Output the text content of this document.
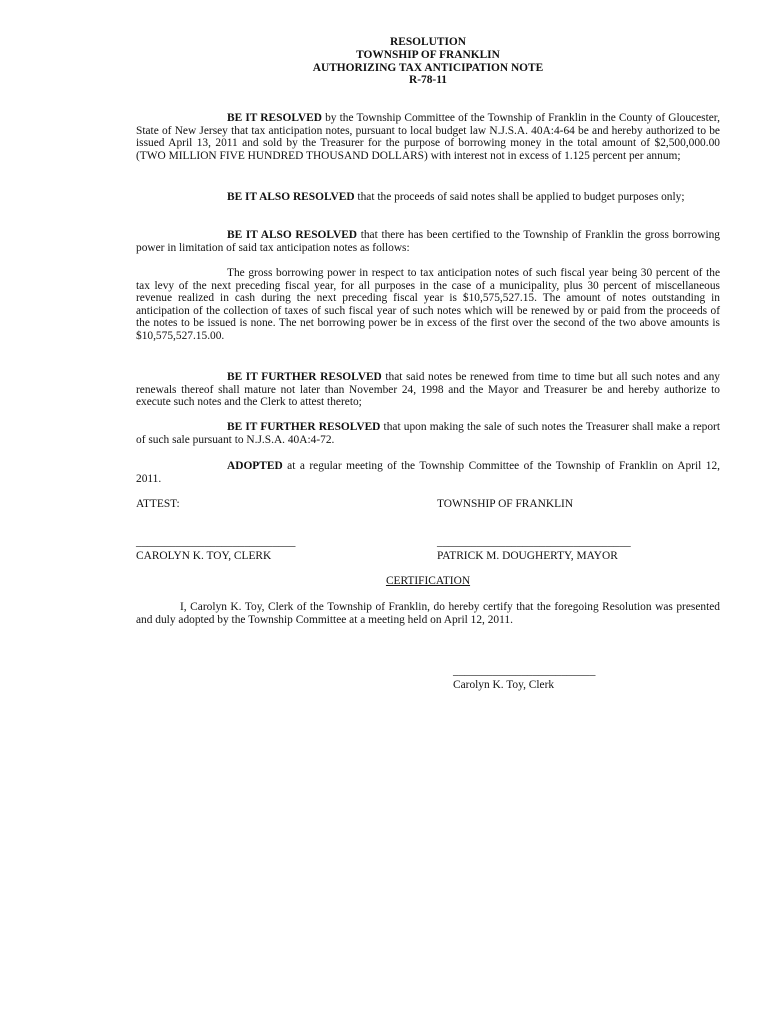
RESOLUTION
TOWNSHIP OF FRANKLIN
AUTHORIZING TAX ANTICIPATION NOTE
R-78-11

BE IT RESOLVED by the Township Committee of the Township of Franklin in the County of Gloucester, State of New Jersey that tax anticipation notes, pursuant to local budget law N.J.S.A. 40A:4-64 be and hereby authorized to be issued April 13, 2011 and sold by the Treasurer for the purpose of borrowing money in the total amount of $2,500,000.00 (TWO MILLION FIVE HUNDRED THOUSAND DOLLARS) with interest not in excess of 1.125 percent per annum;

BE IT ALSO RESOLVED that the proceeds of said notes shall be applied to budget purposes only;

BE IT ALSO RESOLVED that there has been certified to the Township of Franklin the gross borrowing power in limitation of said tax anticipation notes as follows:

The gross borrowing power in respect to tax anticipation notes of such fiscal year being 30 percent of the tax levy of the next preceding fiscal year, for all purposes in the case of a municipality, plus 30 percent of miscellaneous revenue realized in cash during the next preceding fiscal year is $10,575,527.15. The amount of notes outstanding in anticipation of the collection of taxes of such fiscal year of such notes which will be renewed by or paid from the proceeds of the notes to be issued is none. The net borrowing power be in excess of the first over the second of the two above amounts is $10,575,527.15.00.

BE IT FURTHER RESOLVED that said notes be renewed from time to time but all such notes and any renewals thereof shall mature not later than November 24, 1998 and the Mayor and Treasurer be and hereby authorize to execute such notes and the Clerk to attest thereto;

BE IT FURTHER RESOLVED that upon making the sale of such notes the Treasurer shall make a report of such sale pursuant to N.J.S.A. 40A:4-72.

ADOPTED at a regular meeting of the Township Committee of the Township of Franklin on April 12, 2011.

ATTEST:	TOWNSHIP OF FRANKLIN
____________________________	__________________________________
CAROLYN K. TOY, CLERK	PATRICK M. DOUGHERTY, MAYOR
CERTIFICATION

I, Carolyn K. Toy, Clerk of the Township of Franklin, do hereby certify that the foregoing Resolution was presented and duly adopted by the Township Committee at a meeting held on April 12, 2011.

_________________________
Carolyn K. Toy, Clerk
